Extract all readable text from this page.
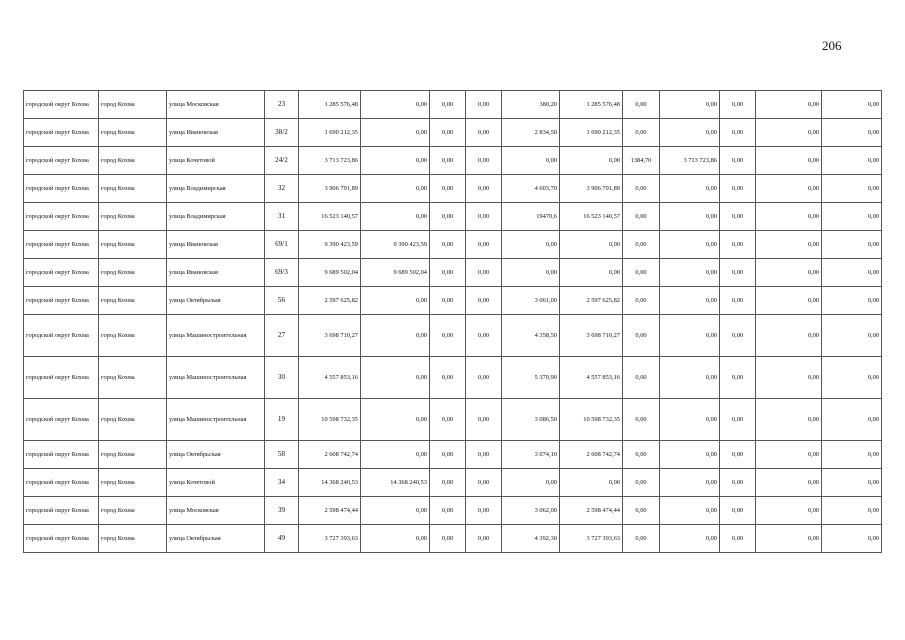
206
городской округ Кохма	город Кохма	улица Московская	23	1 285 576,48	0,00	0,00	0,00	380,20	1 285 576,48	0,00	0,00	0,00	0,00	0,00
городской округ Кохма	город Кохма	улица Ивановская	38/2	1 690 212,35	0,00	0,00	0,00	2 834,50	1 690 212,35	0,00	0,00	0,00	0,00	0,00
городской округ Кохма	город Кохма	улица Кочетовой	24/2	3 713 723,86	0,00	0,00	0,00	0,00	0,00	1384,70	3 713 723,86	0,00	0,00	0,00
городской округ Кохма	город Кохма	улица Владимирская	32	3 906 791,89	0,00	0,00	0,00	4 603,70	3 906 791,89	0,00	0,00	0,00	0,00	0,00
городской округ Кохма	город Кохма	улица Владимирская	31	16 523 140,57	0,00	0,00	0,00	19470,6	16 523 140,57	0,00	0,00	0,00	0,00	0,00
городской округ Кохма	город Кохма	улица Ивановская	69/1	9 390 423,59	9 390 423,59	0,00	0,00	0,00	0,00	0,00	0,00	0,00	0,00	0,00
городской округ Кохма	город Кохма	улица Ивановская	69/3	9 689 502,04	9 689 502,04	0,00	0,00	0,00	0,00	0,00	0,00	0,00	0,00	0,00
городской округ Кохма	город Кохма	улица Октябрьская	56	2 597 625,82	0,00	0,00	0,00	3 061,00	2 597 625,82	0,00	0,00	0,00	0,00	0,00
городской округ Кохма	город Кохма	улица Машиностроительная	27	3 698 710,27	0,00	0,00	0,00	4 358,50	3 698 710,27	0,00	0,00	0,00	0,00	0,00
городской округ Кохма	город Кохма	улица Машиностроительная	30	4 557 853,16	0,00	0,00	0,00	5 370,90	4 557 853,16	0,00	0,00	0,00	0,00	0,00
городской округ Кохма	город Кохма	улица Машиностроительная	19	10 598 732,35	0,00	0,00	0,00	3 086,50	10 598 732,35	0,00	0,00	0,00	0,00	0,00
городской округ Кохма	город Кохма	улица Октябрьская	58	2 608 742,74	0,00	0,00	0,00	3 074,10	2 608 742,74	0,00	0,00	0,00	0,00	0,00
городской округ Кохма	город Кохма	улица Кочетовой	34	14 368 240,53	14 368 240,53	0,00	0,00	0,00	0,00	0,00	0,00	0,00	0,00	0,00
городской округ Кохма	город Кохма	улица Московская	39	2 598 474,44	0,00	0,00	0,00	3 062,00	2 598 474,44	0,00	0,00	0,00	0,00	0,00
городской округ Кохма	город Кохма	улица Октябрьская	49	3 727 393,63	0,00	0,00	0,00	4 392,30	3 727 393,63	0,00	0,00	0,00	0,00	0,00
